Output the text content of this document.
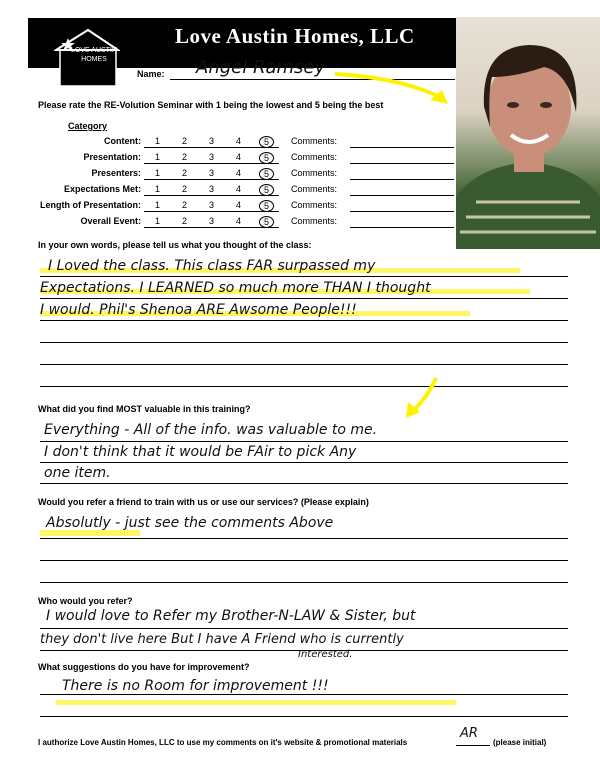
Love Austin Homes, LLC
LOVE AUSTIN HOMES
Name: Angel Ramsey
Please rate the RE-Volution Seminar with 1 being the lowest and 5 being the best
Category
Content:	1	2	3	4	5	Comments:
Presentation:	1	2	3	4	5	Comments:
Presenters:	1	2	3	4	5	Comments:
Expectations Met:	1	2	3	4	5	Comments:
Length of Presentation:	1	2	3	4	5	Comments:
Overall Event:	1	2	3	4	5	Comments:
In your own words, please tell us what you thought of the class:
I Loved the class. This class FAR surpassed my
Expectations. I LEARNED so much more THAN I thought
I would. Phil's Shenoa ARE Awsome People!!!
What did you find MOST valuable in this training?
Everything - All of the info. was valuable to me.
I don't think that it would be FAir to pick Any
one item.
Would you refer a friend to train with us or use our services? (Please explain)
Absolutly - just see the comments Above
Who would you refer?
I would love to Refer my Brother-N-LAW & Sister, but
they don't live here But I have A Friend who is currently
Interested.
What suggestions do you have for improvement?
There is no Room for improvement !!!
I authorize Love Austin Homes, LLC to use my comments on it's website & promotional materials
AR
(please initial)
